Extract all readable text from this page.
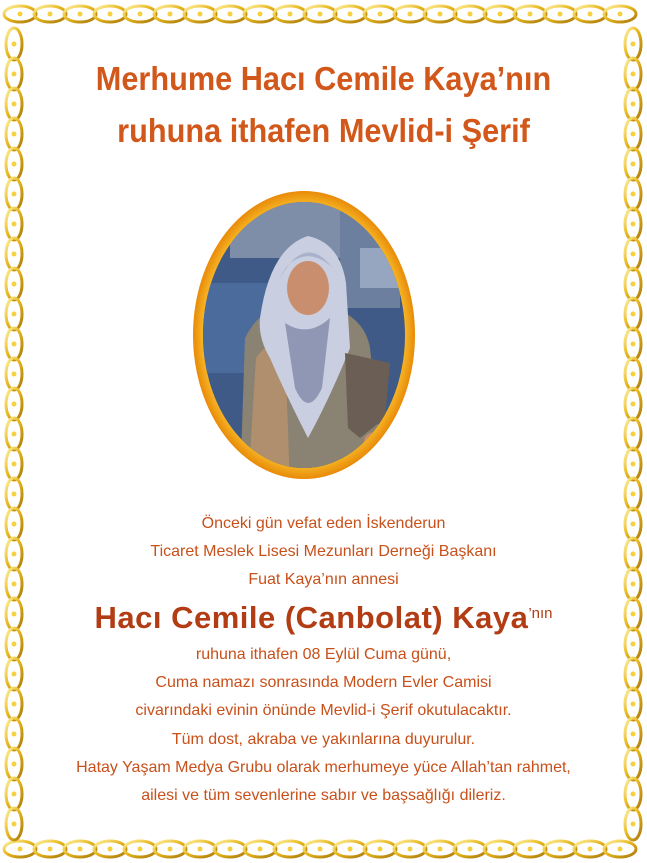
Merhume Hacı Cemile Kaya’nın
ruhuna ithafen Mevlid-i Şerif
Önceki gün vefat eden İskenderun
Ticaret Meslek Lisesi Mezunları Derneği Başkanı
Fuat Kaya’nın annesi
Hacı Cemile (Canbolat) Kaya’nın
ruhuna ithafen 08 Eylül Cuma günü,
Cuma namazı sonrasında Modern Evler Camisi
civarındaki evinin önünde Mevlid-i Şerif okutulacaktır.
Tüm dost, akraba ve yakınlarına duyurulur.
Hatay Yaşam Medya Grubu olarak merhumeye yüce Allah’tan rahmet,
ailesi ve tüm sevenlerine sabır ve başsağlığı dileriz.
